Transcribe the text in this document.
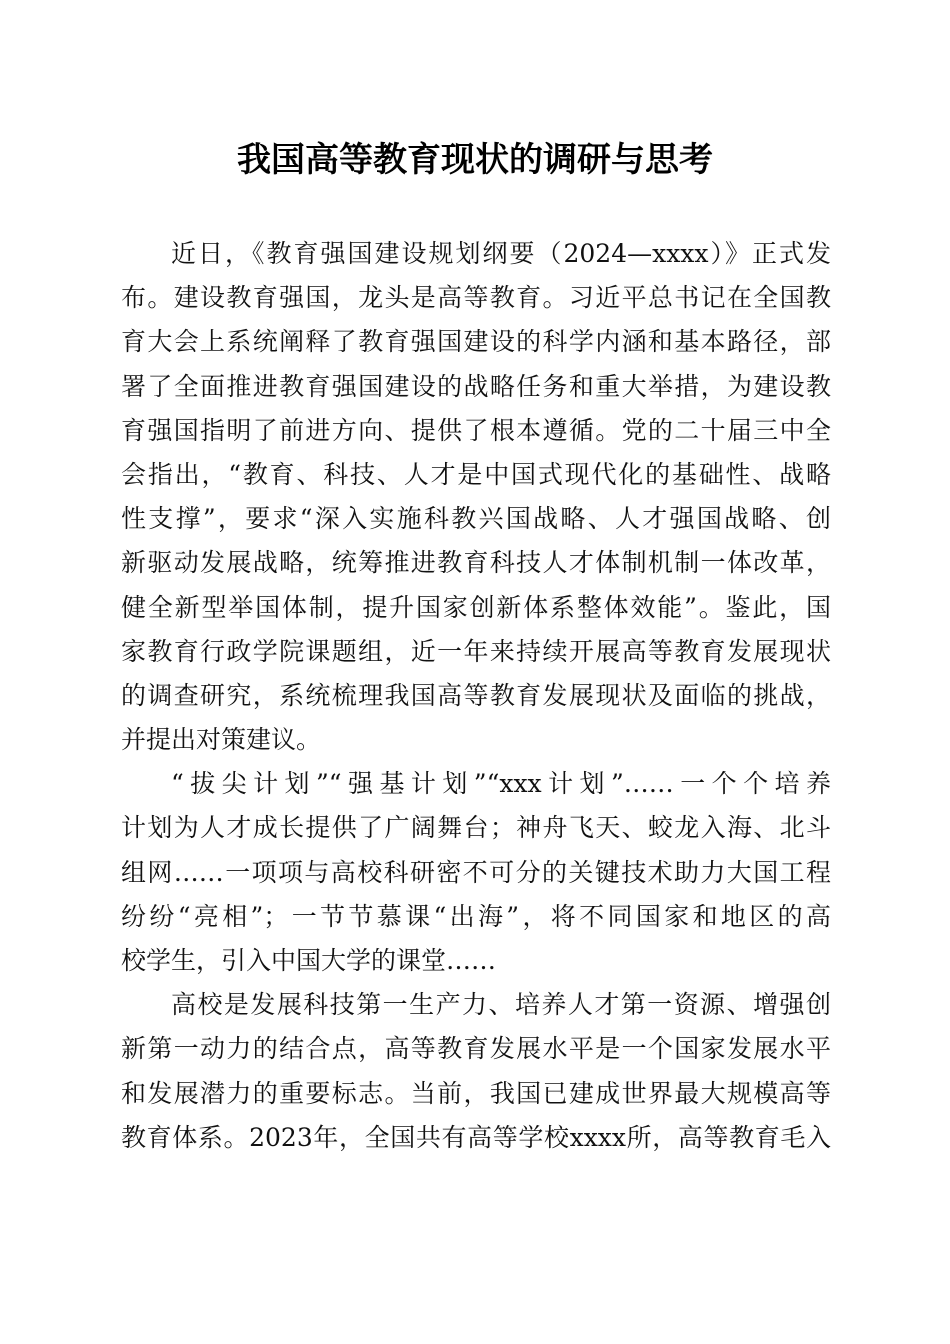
我国高等教育现状的调研与思考
近日，《教育强国建设规划纲要（2024—xxxx）》正式发
布。建设教育强国，龙头是高等教育。习近平总书记在全国教
育大会上系统阐释了教育强国建设的科学内涵和基本路径，部
署了全面推进教育强国建设的战略任务和重大举措，为建设教
育强国指明了前进方向、提供了根本遵循。党的二十届三中全
会指出，“教育、科技、人才是中国式现代化的基础性、战略
性支撑”，要求“深入实施科教兴国战略、人才强国战略、创
新驱动发展战略，统筹推进教育科技人才体制机制一体改革，
健全新型举国体制，提升国家创新体系整体效能”。鉴此，国
家教育行政学院课题组，近一年来持续开展高等教育发展现状
的调查研究，系统梳理我国高等教育发展现状及面临的挑战，
并提出对策建议。
“拔尖计划”“强基计划”“xxx计划”……一个个培养
计划为人才成长提供了广阔舞台；神舟飞天、蛟龙入海、北斗
组网……一项项与高校科研密不可分的关键技术助力大国工程
纷纷“亮相”；一节节慕课“出海”，将不同国家和地区的高
校学生，引入中国大学的课堂……
高校是发展科技第一生产力、培养人才第一资源、增强创
新第一动力的结合点，高等教育发展水平是一个国家发展水平
和发展潜力的重要标志。当前，我国已建成世界最大规模高等
教育体系。2023年，全国共有高等学校xxxx所，高等教育毛入
